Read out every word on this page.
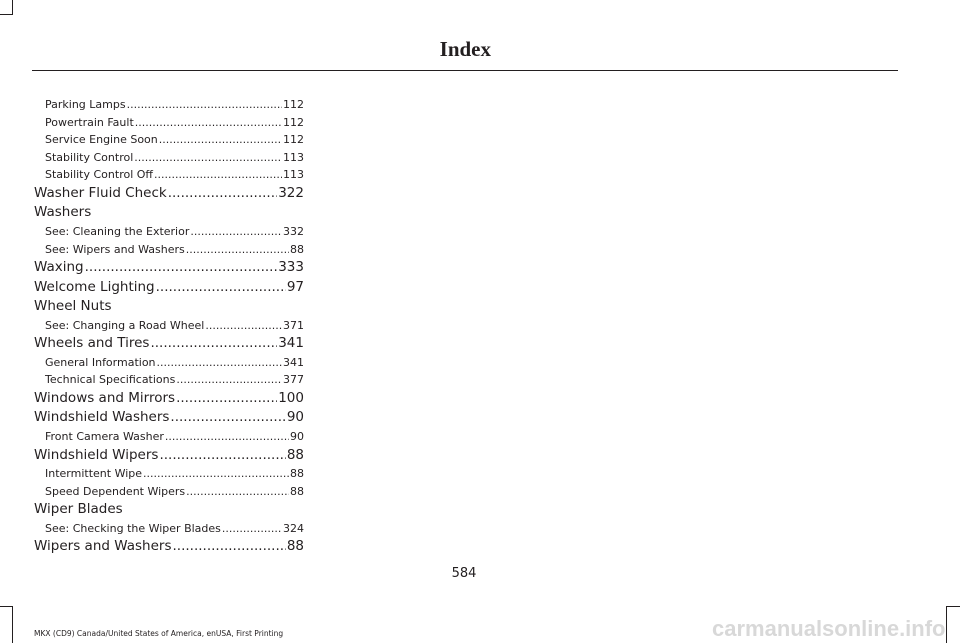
Index
Parking Lamps .....	112
Powertrain Fault .....	112
Service Engine Soon .....	112
Stability Control .....	113
Stability Control Off .....	113
Washer Fluid Check .....	322
Washers
See: Cleaning the Exterior .....	332
See: Wipers and Washers .....	88
Waxing .....	333
Welcome Lighting .....	97
Wheel Nuts
See: Changing a Road Wheel .....	371
Wheels and Tires .....	341
General Information .....	341
Technical Specifications .....	377
Windows and Mirrors .....	100
Windshield Washers .....	90
Front Camera Washer .....	90
Windshield Wipers .....	88
Intermittent Wipe .....	88
Speed Dependent Wipers .....	88
Wiper Blades
See: Checking the Wiper Blades .....	324
Wipers and Washers .....	88
584
MKX (CD9) Canada/United States of America, enUSA, First Printing	carmanualsonline.info
